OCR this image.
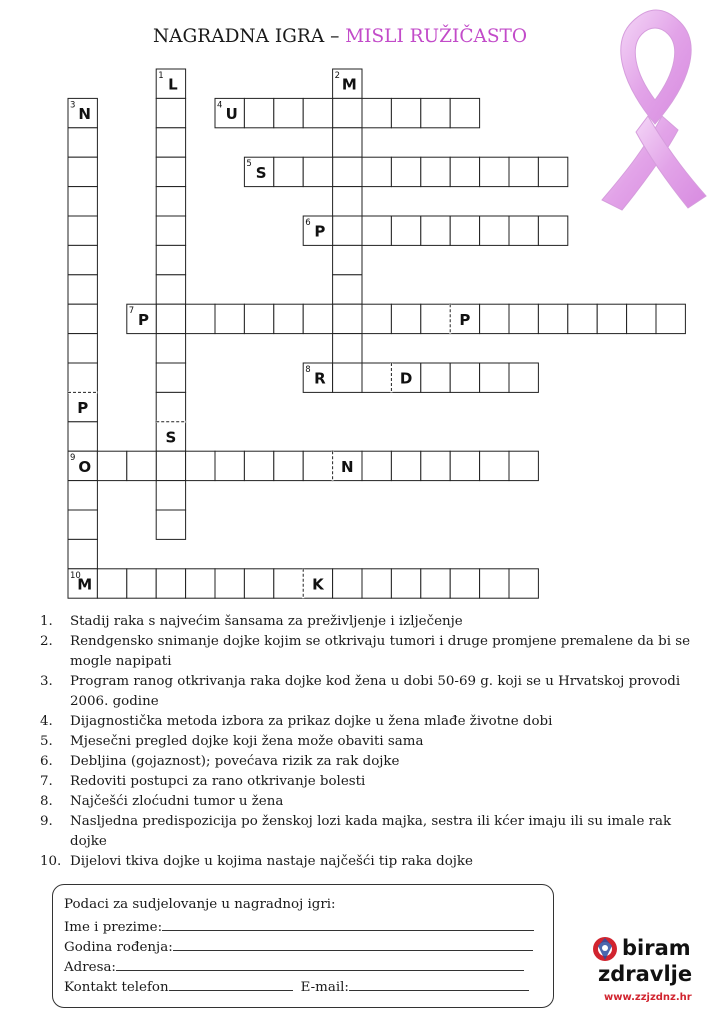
NAGRADNA IGRA – MISLI RUŽIČASTO
1 L
S
2 M
3 N
P
9 O
4 U
5 S
6 P
7 P	P
8 R	D
N
10
M	K
1. Stadij raka s najvećim šansama za preživljenje i izlječenje
2. Rendgensko snimanje dojke kojim se otkrivaju tumori i druge promjene premalene da bi se mogle napipati
3. Program ranog otkrivanja raka dojke kod žena u dobi 50-69 g. koji se u Hrvatskoj provodi 2006. godine
4. Dijagnostička metoda izbora za prikaz dojke u žena mlađe životne dobi
5. Mjesečni pregled dojke koji žena može obaviti sama
6. Debljina (gojaznost); povećava rizik za rak dojke
7. Redoviti postupci za rano otkrivanje bolesti
8. Najčešći zloćudni tumor u žena
9. Nasljedna predispozicija po ženskoj lozi kada majka, sestra ili kćer imaju ili su imale rak dojke
10. Dijelovi tkiva dojke u kojima nastaje najčešći tip raka dojke
Podaci za sudjelovanje u nagradnoj igri:
Ime i prezime:
Godina rođenja:
Adresa:
Kontakt telefon	E-mail:
biram
zdravlje
www.zzjzdnz.hr
